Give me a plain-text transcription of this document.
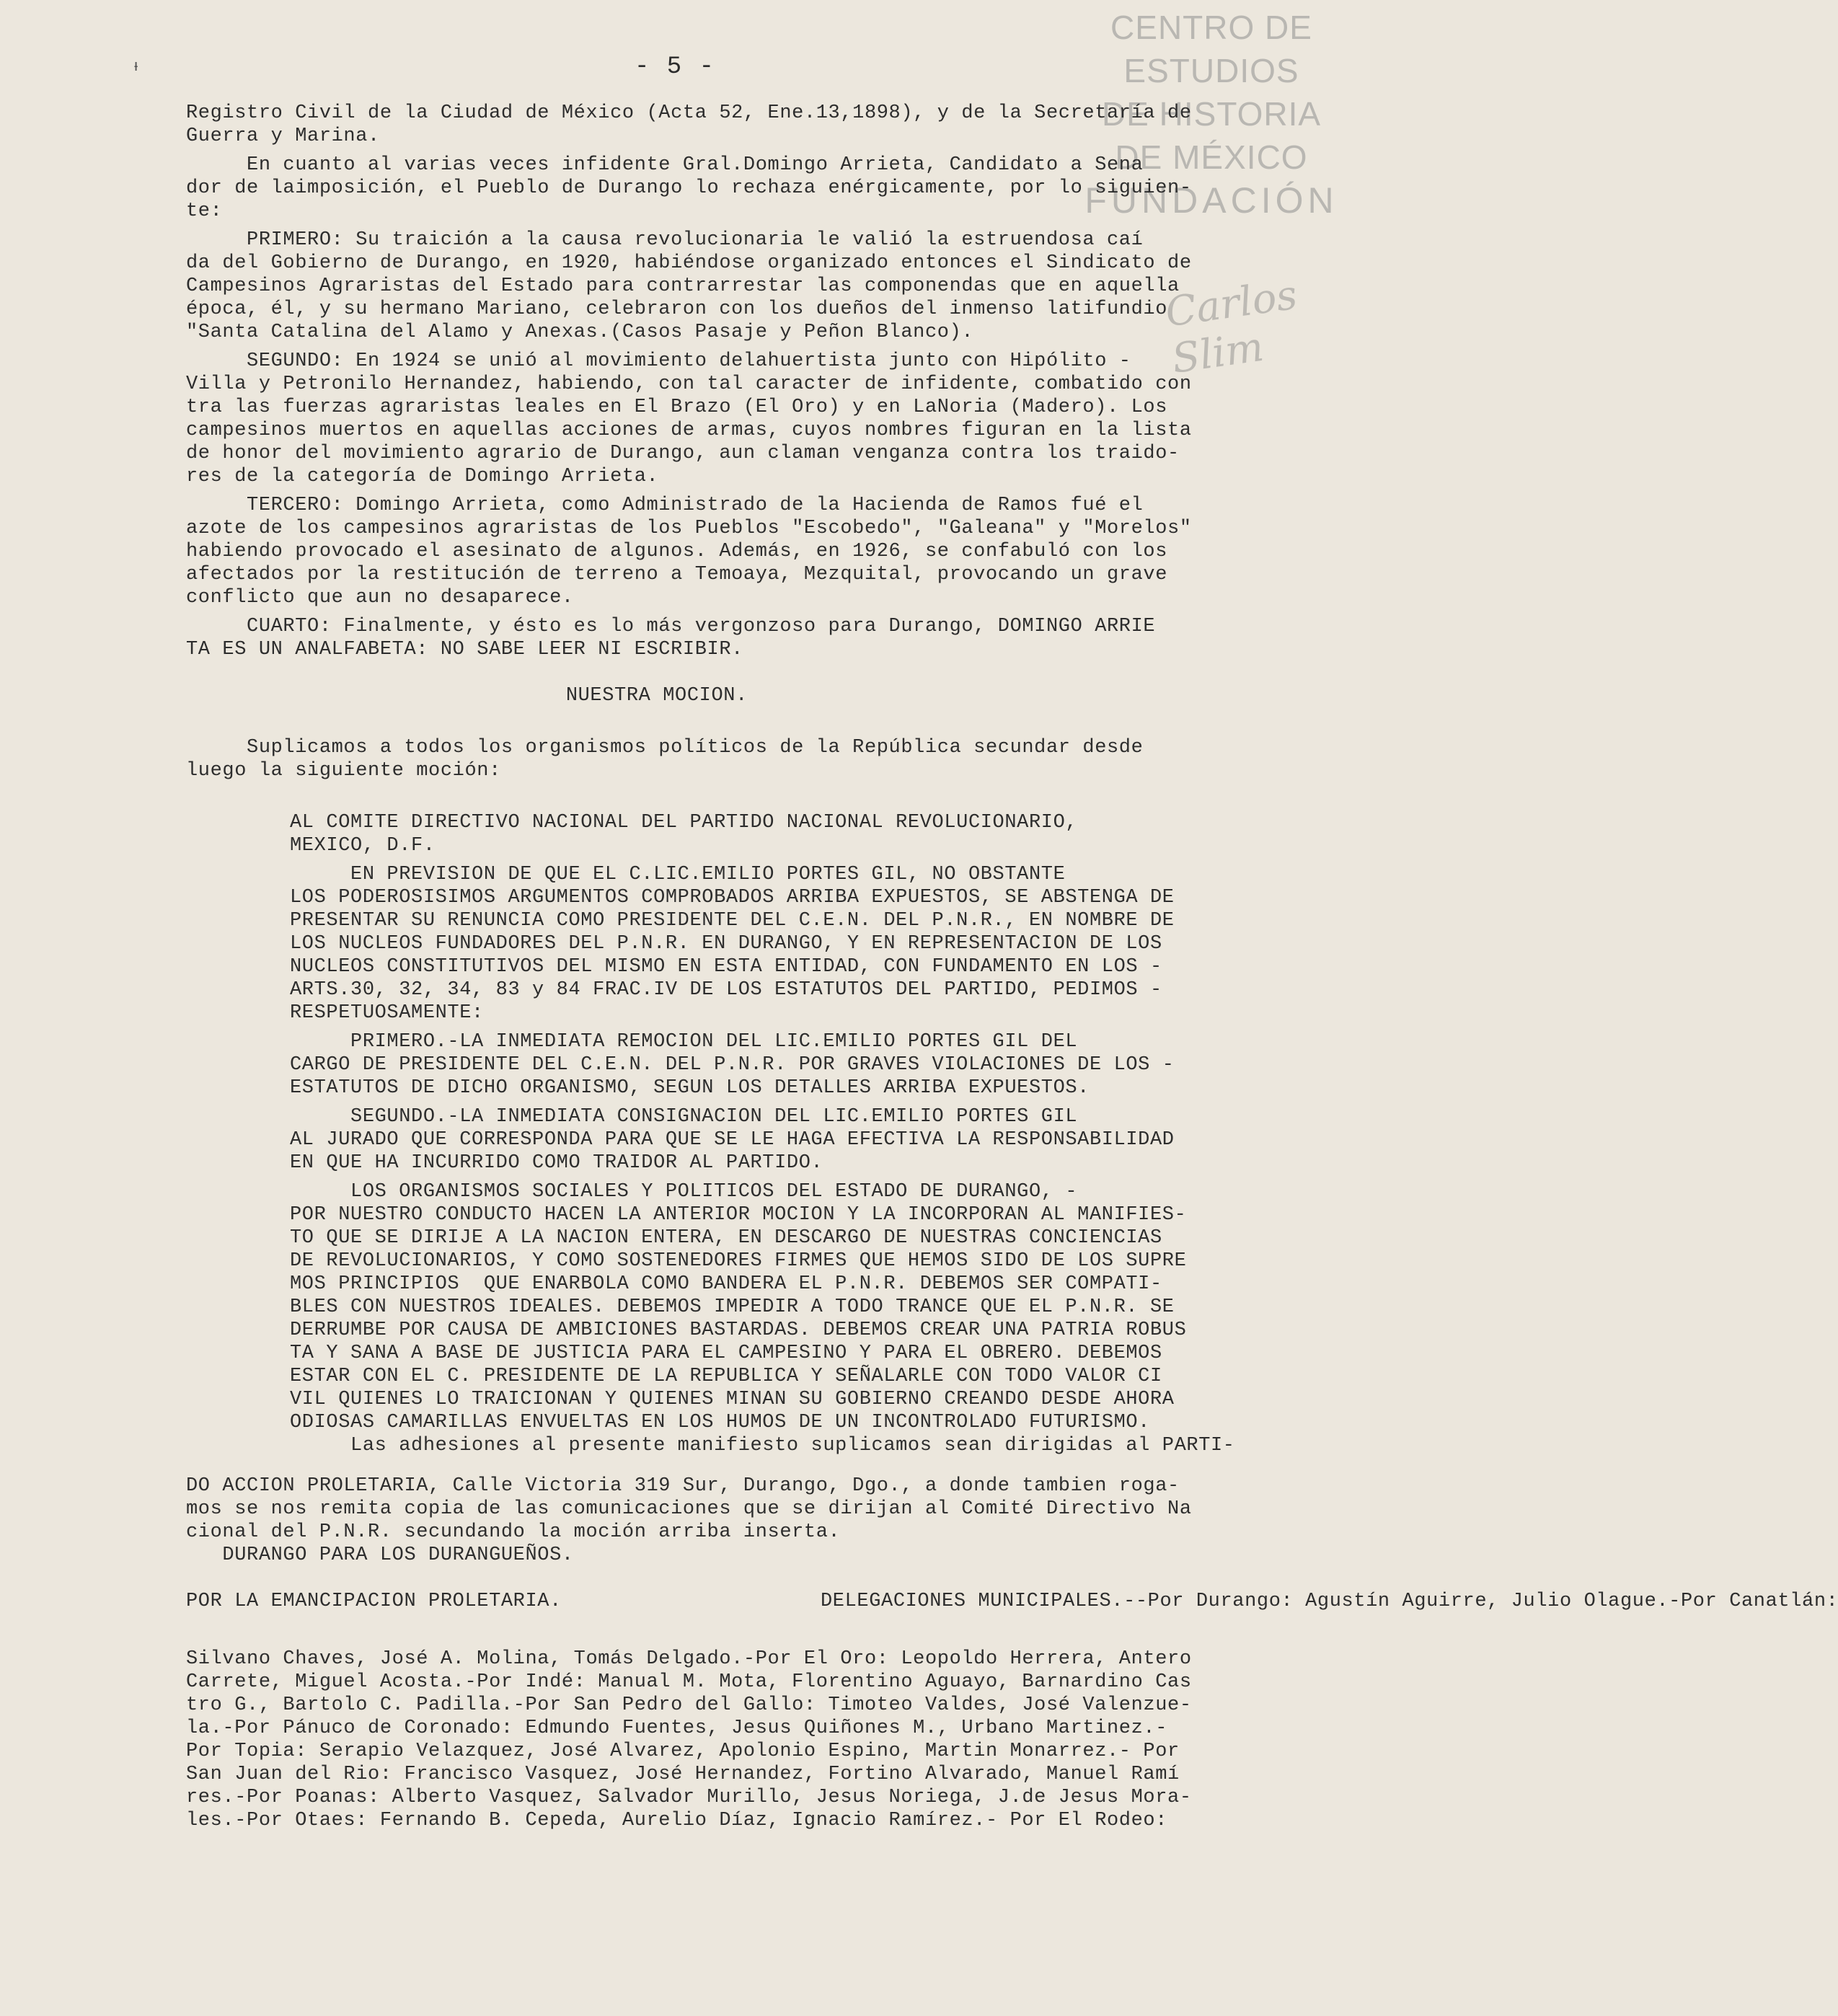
CENTRO DE
ESTUDIOS
DE HISTORIA
DE MÉXICO
FUNDACIÓN
Carlos Slim
ᵻ	- 5 -
Registro Civil de la Ciudad de México (Acta 52, Ene.13,1898), y de la Secretaría de
Guerra y Marina.
En cuanto al varias veces infidente Gral.Domingo Arrieta, Candidato a Sena
dor de laimposición, el Pueblo de Durango lo rechaza enérgicamente, por lo siguien-
te:
PRIMERO: Su traición a la causa revolucionaria le valió la estruendosa caí
da del Gobierno de Durango, en 1920, habiéndose organizado entonces el Sindicato de
Campesinos Agraristas del Estado para contrarrestar las componendas que en aquella
época, él, y su hermano Mariano, celebraron con los dueños del inmenso latifundio
"Santa Catalina del Alamo y Anexas.(Casos Pasaje y Peñon Blanco).
SEGUNDO: En 1924 se unió al movimiento delahuertista junto con Hipólito -
Villa y Petronilo Hernandez, habiendo, con tal caracter de infidente, combatido con
tra las fuerzas agraristas leales en El Brazo (El Oro) y en LaNoria (Madero). Los
campesinos muertos en aquellas acciones de armas, cuyos nombres figuran en la lista
de honor del movimiento agrario de Durango, aun claman venganza contra los traido-
res de la categoría de Domingo Arrieta.
TERCERO: Domingo Arrieta, como Administrado de la Hacienda de Ramos fué el
azote de los campesinos agraristas de los Pueblos "Escobedo", "Galeana" y "Morelos"
habiendo provocado el asesinato de algunos. Además, en 1926, se confabuló con los
afectados por la restitución de terreno a Temoaya, Mezquital, provocando un grave
conflicto que aun no desaparece.
CUARTO: Finalmente, y ésto es lo más vergonzoso para Durango, DOMINGO ARRIE
TA ES UN ANALFABETA: NO SABE LEER NI ESCRIBIR.
NUESTRA MOCION.
Suplicamos a todos los organismos políticos de la República secundar desde
luego la siguiente moción:
AL COMITE DIRECTIVO NACIONAL DEL PARTIDO NACIONAL REVOLUCIONARIO,
MEXICO, D.F.
EN PREVISION DE QUE EL C.LIC.EMILIO PORTES GIL, NO OBSTANTE
LOS PODEROSISIMOS ARGUMENTOS COMPROBADOS ARRIBA EXPUESTOS, SE ABSTENGA DE
PRESENTAR SU RENUNCIA COMO PRESIDENTE DEL C.E.N. DEL P.N.R., EN NOMBRE DE
LOS NUCLEOS FUNDADORES DEL P.N.R. EN DURANGO, Y EN REPRESENTACION DE LOS
NUCLEOS CONSTITUTIVOS DEL MISMO EN ESTA ENTIDAD, CON FUNDAMENTO EN LOS -
ARTS.30, 32, 34, 83 y 84 FRAC.IV DE LOS ESTATUTOS DEL PARTIDO, PEDIMOS -
RESPETUOSAMENTE:
PRIMERO.-LA INMEDIATA REMOCION DEL LIC.EMILIO PORTES GIL DEL
CARGO DE PRESIDENTE DEL C.E.N. DEL P.N.R. POR GRAVES VIOLACIONES DE LOS -
ESTATUTOS DE DICHO ORGANISMO, SEGUN LOS DETALLES ARRIBA EXPUESTOS.
SEGUNDO.-LA INMEDIATA CONSIGNACION DEL LIC.EMILIO PORTES GIL
AL JURADO QUE CORRESPONDA PARA QUE SE LE HAGA EFECTIVA LA RESPONSABILIDAD
EN QUE HA INCURRIDO COMO TRAIDOR AL PARTIDO.
LOS ORGANISMOS SOCIALES Y POLITICOS DEL ESTADO DE DURANGO, -
POR NUESTRO CONDUCTO HACEN LA ANTERIOR MOCION Y LA INCORPORAN AL MANIFIES-
TO QUE SE DIRIJE A LA NACION ENTERA, EN DESCARGO DE NUESTRAS CONCIENCIAS
DE REVOLUCIONARIOS, Y COMO SOSTENEDORES FIRMES QUE HEMOS SIDO DE LOS SUPRE
MOS PRINCIPIOS  QUE ENARBOLA COMO BANDERA EL P.N.R. DEBEMOS SER COMPATI-
BLES CON NUESTROS IDEALES. DEBEMOS IMPEDIR A TODO TRANCE QUE EL P.N.R. SE
DERRUMBE POR CAUSA DE AMBICIONES BASTARDAS. DEBEMOS CREAR UNA PATRIA ROBUS
TA Y SANA A BASE DE JUSTICIA PARA EL CAMPESINO Y PARA EL OBRERO. DEBEMOS
ESTAR CON EL C. PRESIDENTE DE LA REPUBLICA Y SEÑALARLE CON TODO VALOR CI
VIL QUIENES LO TRAICIONAN Y QUIENES MINAN SU GOBIERNO CREANDO DESDE AHORA
ODIOSAS CAMARILLAS ENVUELTAS EN LOS HUMOS DE UN INCONTROLADO FUTURISMO.
Las adhesiones al presente manifiesto suplicamos sean dirigidas al PARTI-
DO ACCION PROLETARIA, Calle Victoria 319 Sur, Durango, Dgo., a donde tambien roga-
mos se nos remita copia de las comunicaciones que se dirijan al Comité Directivo Na
cional del P.N.R. secundando la moción arriba inserta.
DURANGO PARA LOS DURANGUEÑOS.
POR LA EMANCIPACION PROLETARIA.	DELEGACIONES MUNICIPALES.--Por Durango: Agustín Aguirre, Julio Olague.-Por Canatlán:
Silvano Chaves, José A. Molina, Tomás Delgado.-Por El Oro: Leopoldo Herrera, Antero
Carrete, Miguel Acosta.-Por Indé: Manual M. Mota, Florentino Aguayo, Barnardino Cas
tro G., Bartolo C. Padilla.-Por San Pedro del Gallo: Timoteo Valdes, José Valenzue-
la.-Por Pánuco de Coronado: Edmundo Fuentes, Jesus Quiñones M., Urbano Martinez.-
Por Topia: Serapio Velazquez, José Alvarez, Apolonio Espino, Martin Monarrez.- Por
San Juan del Rio: Francisco Vasquez, José Hernandez, Fortino Alvarado, Manuel Ramí
res.-Por Poanas: Alberto Vasquez, Salvador Murillo, Jesus Noriega, J.de Jesus Mora-
les.-Por Otaes: Fernando B. Cepeda, Aurelio Díaz, Ignacio Ramírez.- Por El Rodeo:
